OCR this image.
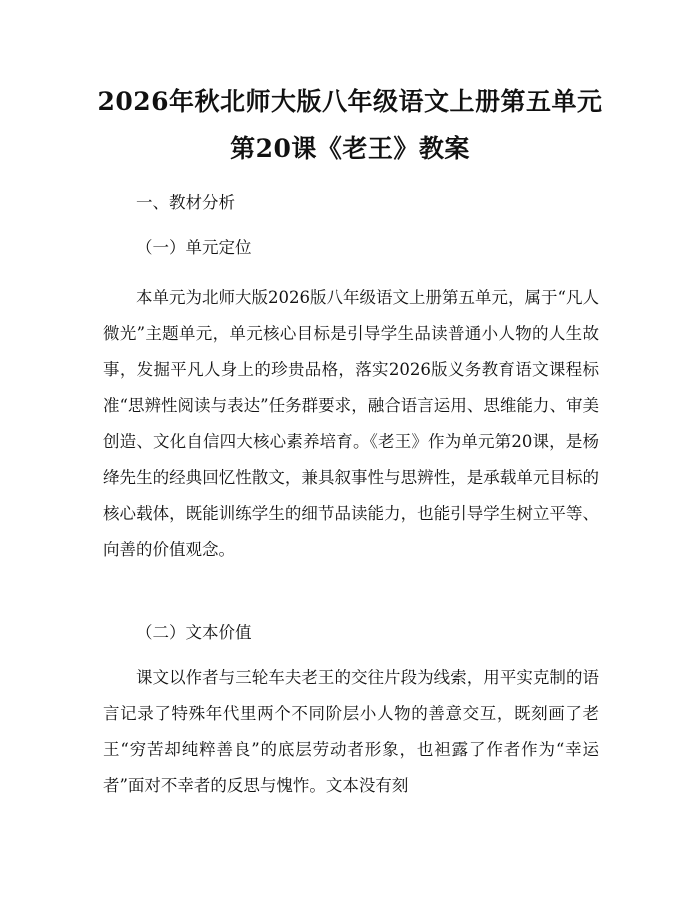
2026年秋北师大版八年级语文上册第五单元
第20课《老王》教案
一、教材分析
（一）单元定位

本单元为北师大版2026版八年级语文上册第五单元，属于“凡人微光”主题单元，单元核心目标是引导学生品读普通小人物的人生故事，发掘平凡人身上的珍贵品格，落实2026版义务教育语文课程标准“思辨性阅读与表达”任务群要求，融合语言运用、思维能力、审美创造、文化自信四大核心素养培育。《老王》作为单元第20课，是杨绛先生的经典回忆性散文，兼具叙事性与思辨性，是承载单元目标的核心载体，既能训练学生的细节品读能力，也能引导学生树立平等、向善的价值观念。

（二）文本价值

课文以作者与三轮车夫老王的交往片段为线索，用平实克制的语言记录了特殊年代里两个不同阶层小人物的善意交互，既刻画了老王“穷苦却纯粹善良”的底层劳动者形象，也袒露了作者作为“幸运者”面对不幸者的反思与愧怍。文本没有刻
